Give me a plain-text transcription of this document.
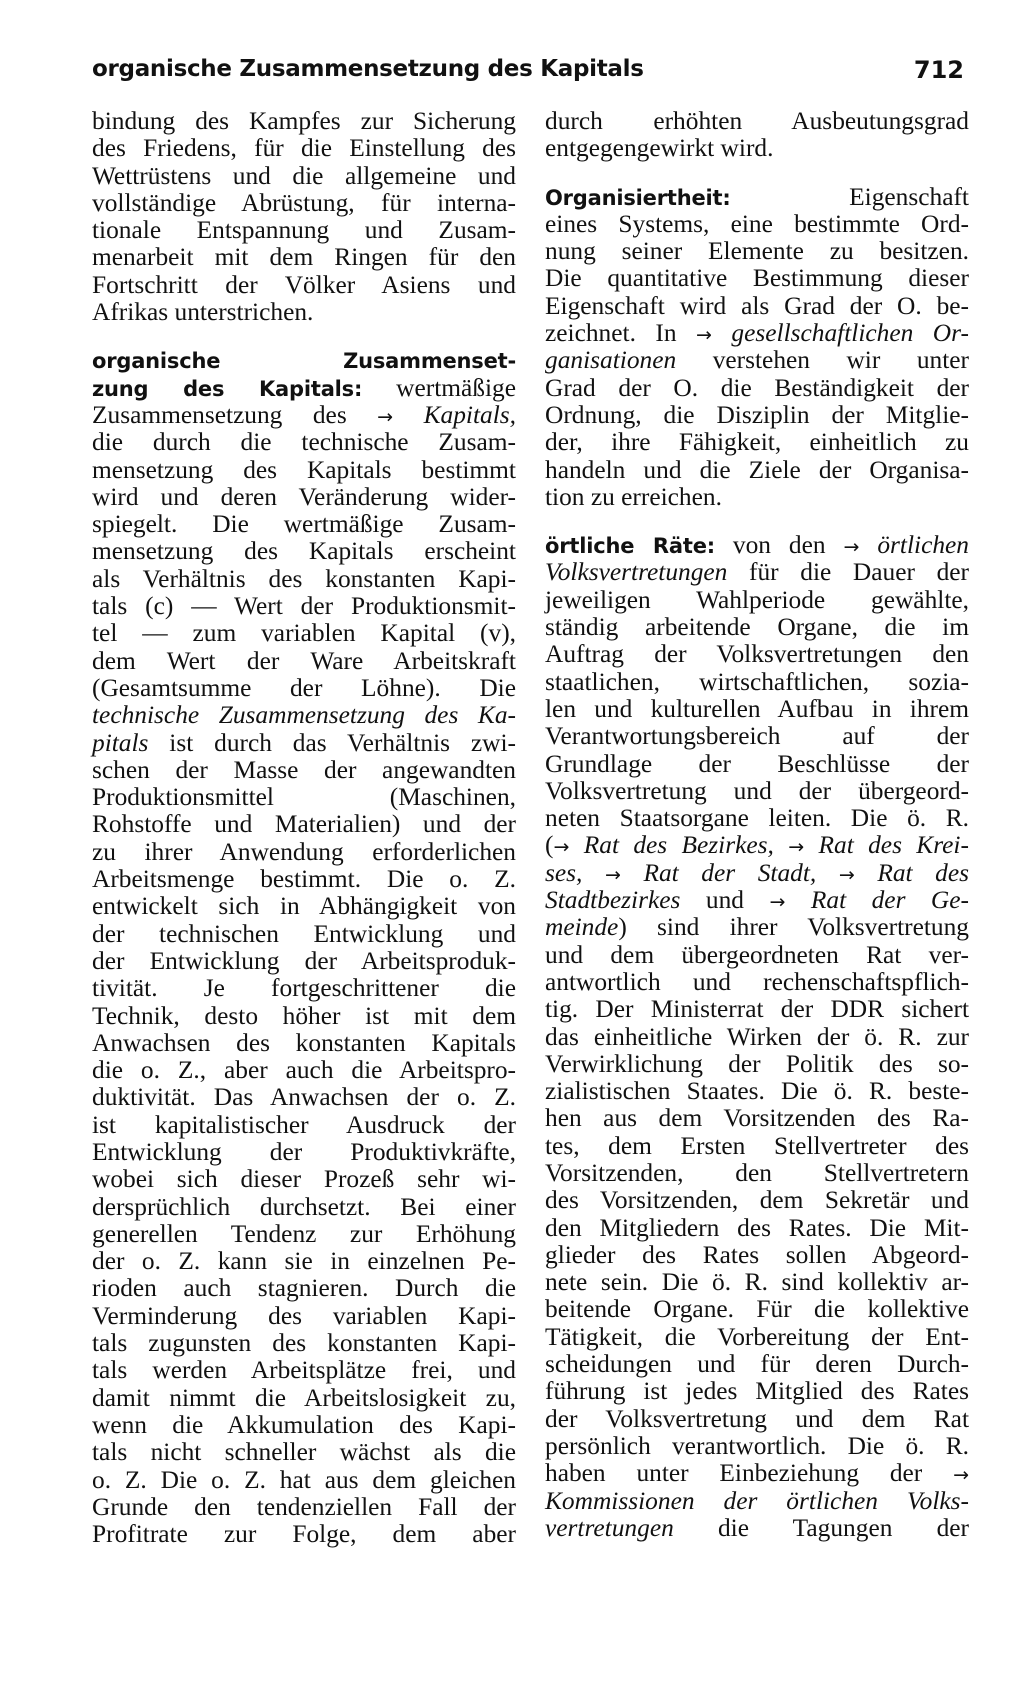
organische Zusammensetzung des Kapitals	712
bindung des Kampfes zur Sicherung
des Friedens, für die Einstellung des
Wettrüstens und die allgemeine und
vollständige Abrüstung, für interna-
tionale Entspannung und Zusam-
menarbeit mit dem Ringen für den
Fortschritt der Völker Asiens und
Afrikas unterstrichen.
organische Zusammenset-
zung des Kapitals: wertmäßige
Zusammensetzung des → Kapitals,
die durch die technische Zusam-
mensetzung des Kapitals bestimmt
wird und deren Veränderung wider-
spiegelt. Die wertmäßige Zusam-
mensetzung des Kapitals erscheint
als Verhältnis des konstanten Kapi-
tals (c) — Wert der Produktionsmit-
tel — zum variablen Kapital (v),
dem Wert der Ware Arbeitskraft
(Gesamtsumme der Löhne). Die
technische Zusammensetzung des Ka-
pitals ist durch das Verhältnis zwi-
schen der Masse der angewandten
Produktionsmittel (Maschinen,
Rohstoffe und Materialien) und der
zu ihrer Anwendung erforderlichen
Arbeitsmenge bestimmt. Die o. Z.
entwickelt sich in Abhängigkeit von
der technischen Entwicklung und
der Entwicklung der Arbeitsproduk-
tivität. Je fortgeschrittener die
Technik, desto höher ist mit dem
Anwachsen des konstanten Kapitals
die o. Z., aber auch die Arbeitspro-
duktivität. Das Anwachsen der o. Z.
ist kapitalistischer Ausdruck der
Entwicklung der Produktivkräfte,
wobei sich dieser Prozeß sehr wi-
dersprüchlich durchsetzt. Bei einer
generellen Tendenz zur Erhöhung
der o. Z. kann sie in einzelnen Pe-
rioden auch stagnieren. Durch die
Verminderung des variablen Kapi-
tals zugunsten des konstanten Kapi-
tals werden Arbeitsplätze frei, und
damit nimmt die Arbeitslosigkeit zu,
wenn die Akkumulation des Kapi-
tals nicht schneller wächst als die
o. Z. Die o. Z. hat aus dem gleichen
Grunde den tendenziellen Fall der
Profitrate zur Folge, dem aber
durch erhöhten Ausbeutungsgrad
entgegengewirkt wird.
Organisiertheit:	Eigenschaft
eines Systems, eine bestimmte Ord-
nung seiner Elemente zu besitzen.
Die quantitative Bestimmung dieser
Eigenschaft wird als Grad der O. be-
zeichnet. In → gesellschaftlichen Or-
ganisationen verstehen wir unter
Grad der O. die Beständigkeit der
Ordnung, die Disziplin der Mitglie-
der, ihre Fähigkeit, einheitlich zu
handeln und die Ziele der Organisa-
tion zu erreichen.
örtliche Räte: von den → örtlichen
Volksvertretungen für die Dauer der
jeweiligen Wahlperiode gewählte,
ständig arbeitende Organe, die im
Auftrag der Volksvertretungen den
staatlichen, wirtschaftlichen, sozia-
len und kulturellen Aufbau in ihrem
Verantwortungsbereich auf der
Grundlage der Beschlüsse der
Volksvertretung und der übergeord-
neten Staatsorgane leiten. Die ö. R.
(→ Rat des Bezirkes, → Rat des Krei-
ses, → Rat der Stadt, → Rat des
Stadtbezirkes und → Rat der Ge-
meinde) sind ihrer Volksvertretung
und dem übergeordneten Rat ver-
antwortlich und rechenschaftspflich-
tig. Der Ministerrat der DDR sichert
das einheitliche Wirken der ö. R. zur
Verwirklichung der Politik des so-
zialistischen Staates. Die ö. R. beste-
hen aus dem Vorsitzenden des Ra-
tes, dem Ersten Stellvertreter des
Vorsitzenden, den Stellvertretern
des Vorsitzenden, dem Sekretär und
den Mitgliedern des Rates. Die Mit-
glieder des Rates sollen Abgeord-
nete sein. Die ö. R. sind kollektiv ar-
beitende Organe. Für die kollektive
Tätigkeit, die Vorbereitung der Ent-
scheidungen und für deren Durch-
führung ist jedes Mitglied des Rates
der Volksvertretung und dem Rat
persönlich verantwortlich. Die ö. R.
haben unter Einbeziehung der →
Kommissionen der örtlichen Volks-
vertretungen die Tagungen der
